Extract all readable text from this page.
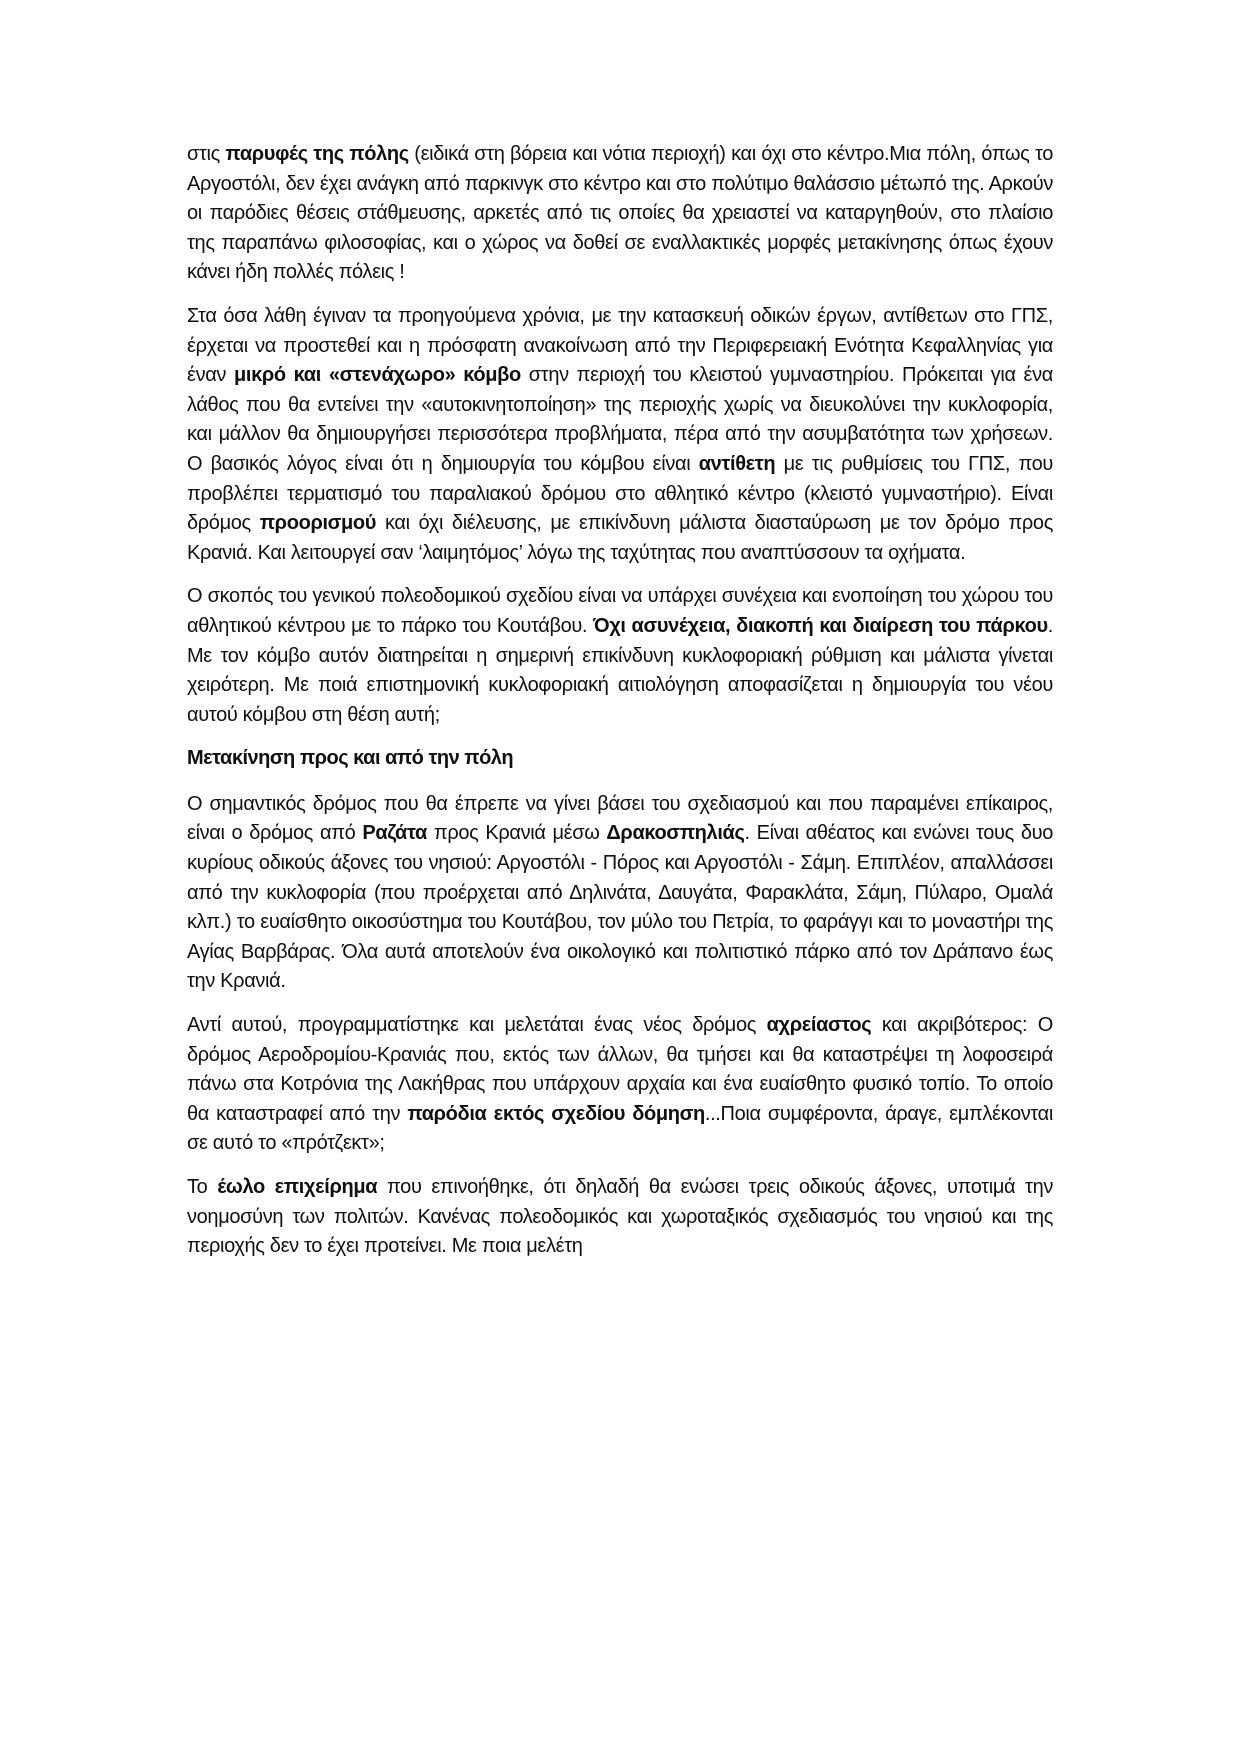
στις παρυφές της πόλης (ειδικά στη βόρεια και νότια περιοχή) και όχι στο κέντρο.Μια πόλη, όπως το Αργοστόλι, δεν έχει ανάγκη από παρκινγκ στο κέντρο και στο πολύτιμο θαλάσσιο μέτωπό της. Αρκούν οι παρόδιες θέσεις στάθμευσης, αρκετές από τις οποίες θα χρειαστεί να καταργηθούν, στο πλαίσιο της παραπάνω φιλοσοφίας, και ο χώρος να δοθεί σε εναλλακτικές μορφές μετακίνησης όπως έχουν κάνει ήδη πολλές πόλεις !

Στα όσα λάθη έγιναν τα προηγούμενα χρόνια, με την κατασκευή οδικών έργων, αντίθετων στο ΓΠΣ, έρχεται να προστεθεί και η πρόσφατη ανακοίνωση από την Περιφερειακή Ενότητα Κεφαλληνίας για έναν μικρό και «στενάχωρο» κόμβο στην περιοχή του κλειστού γυμναστηρίου. Πρόκειται για ένα λάθος που θα εντείνει την «αυτοκινητοποίηση» της περιοχής χωρίς να διευκολύνει την κυκλοφορία, και μάλλον θα δημιουργήσει περισσότερα προβλήματα, πέρα από την ασυμβατότητα των χρήσεων. Ο βασικός λόγος είναι ότι η δημιουργία του κόμβου είναι αντίθετη με τις ρυθμίσεις του ΓΠΣ, που προβλέπει τερματισμό του παραλιακού δρόμου στο αθλητικό κέντρο (κλειστό γυμναστήριο). Είναι δρόμος προορισμού και όχι διέλευσης, με επικίνδυνη μάλιστα διασταύρωση με τον δρόμο προς Κρανιά. Και λειτουργεί σαν ‘λαιμητόμος’ λόγω της ταχύτητας που αναπτύσσουν τα οχήματα.

Ο σκοπός του γενικού πολεοδομικού σχεδίου είναι να υπάρχει συνέχεια και ενοποίηση του χώρου του αθλητικού κέντρου με το πάρκο του Κουτάβου. Όχι ασυνέχεια, διακοπή και διαίρεση του πάρκου. Με τον κόμβο αυτόν διατηρείται η σημερινή επικίνδυνη κυκλοφοριακή ρύθμιση και μάλιστα γίνεται χειρότερη. Με ποιά επιστημονική κυκλοφοριακή αιτιολόγηση αποφασίζεται η δημιουργία του νέου αυτού κόμβου στη θέση αυτή;

Μετακίνηση προς και από την πόλη

Ο σημαντικός δρόμος που θα έπρεπε να γίνει βάσει του σχεδιασμού και που παραμένει επίκαιρος, είναι ο δρόμος από Ραζάτα προς Κρανιά μέσω Δρακοσπηλιάς. Είναι αθέατος και ενώνει τους δυο κυρίους οδικούς άξονες του νησιού: Αργοστόλι - Πόρος και Αργοστόλι - Σάμη. Επιπλέον, απαλλάσσει από την κυκλοφορία (που προέρχεται από Δηλινάτα, Δαυγάτα, Φαρακλάτα, Σάμη, Πύλαρο, Ομαλά κλπ.) το ευαίσθητο οικοσύστημα του Κουτάβου, τον μύλο του Πετρία, το φαράγγι και το μοναστήρι της Αγίας Βαρβάρας. Όλα αυτά αποτελούν ένα οικολογικό και πολιτιστικό πάρκο από τον Δράπανο έως την Κρανιά.

Αντί αυτού, προγραμματίστηκε και μελετάται ένας νέος δρόμος αχρείαστος και ακριβότερος: Ο δρόμος Αεροδρομίου-Κρανιάς που, εκτός των άλλων, θα τμήσει και θα καταστρέψει τη λοφοσειρά πάνω στα Κοτρόνια της Λακήθρας που υπάρχουν αρχαία και ένα ευαίσθητο φυσικό τοπίο. Το οποίο θα καταστραφεί από την παρόδια εκτός σχεδίου δόμηση...Ποια συμφέροντα, άραγε, εμπλέκονται σε αυτό το «πρότζεκτ»;

Το έωλο επιχείρημα που επινοήθηκε, ότι δηλαδή θα ενώσει τρεις οδικούς άξονες, υποτιμά την νοημοσύνη των πολιτών. Κανένας πολεοδομικός και χωροταξικός σχεδιασμός του νησιού και της περιοχής δεν το έχει προτείνει. Με ποια μελέτη
